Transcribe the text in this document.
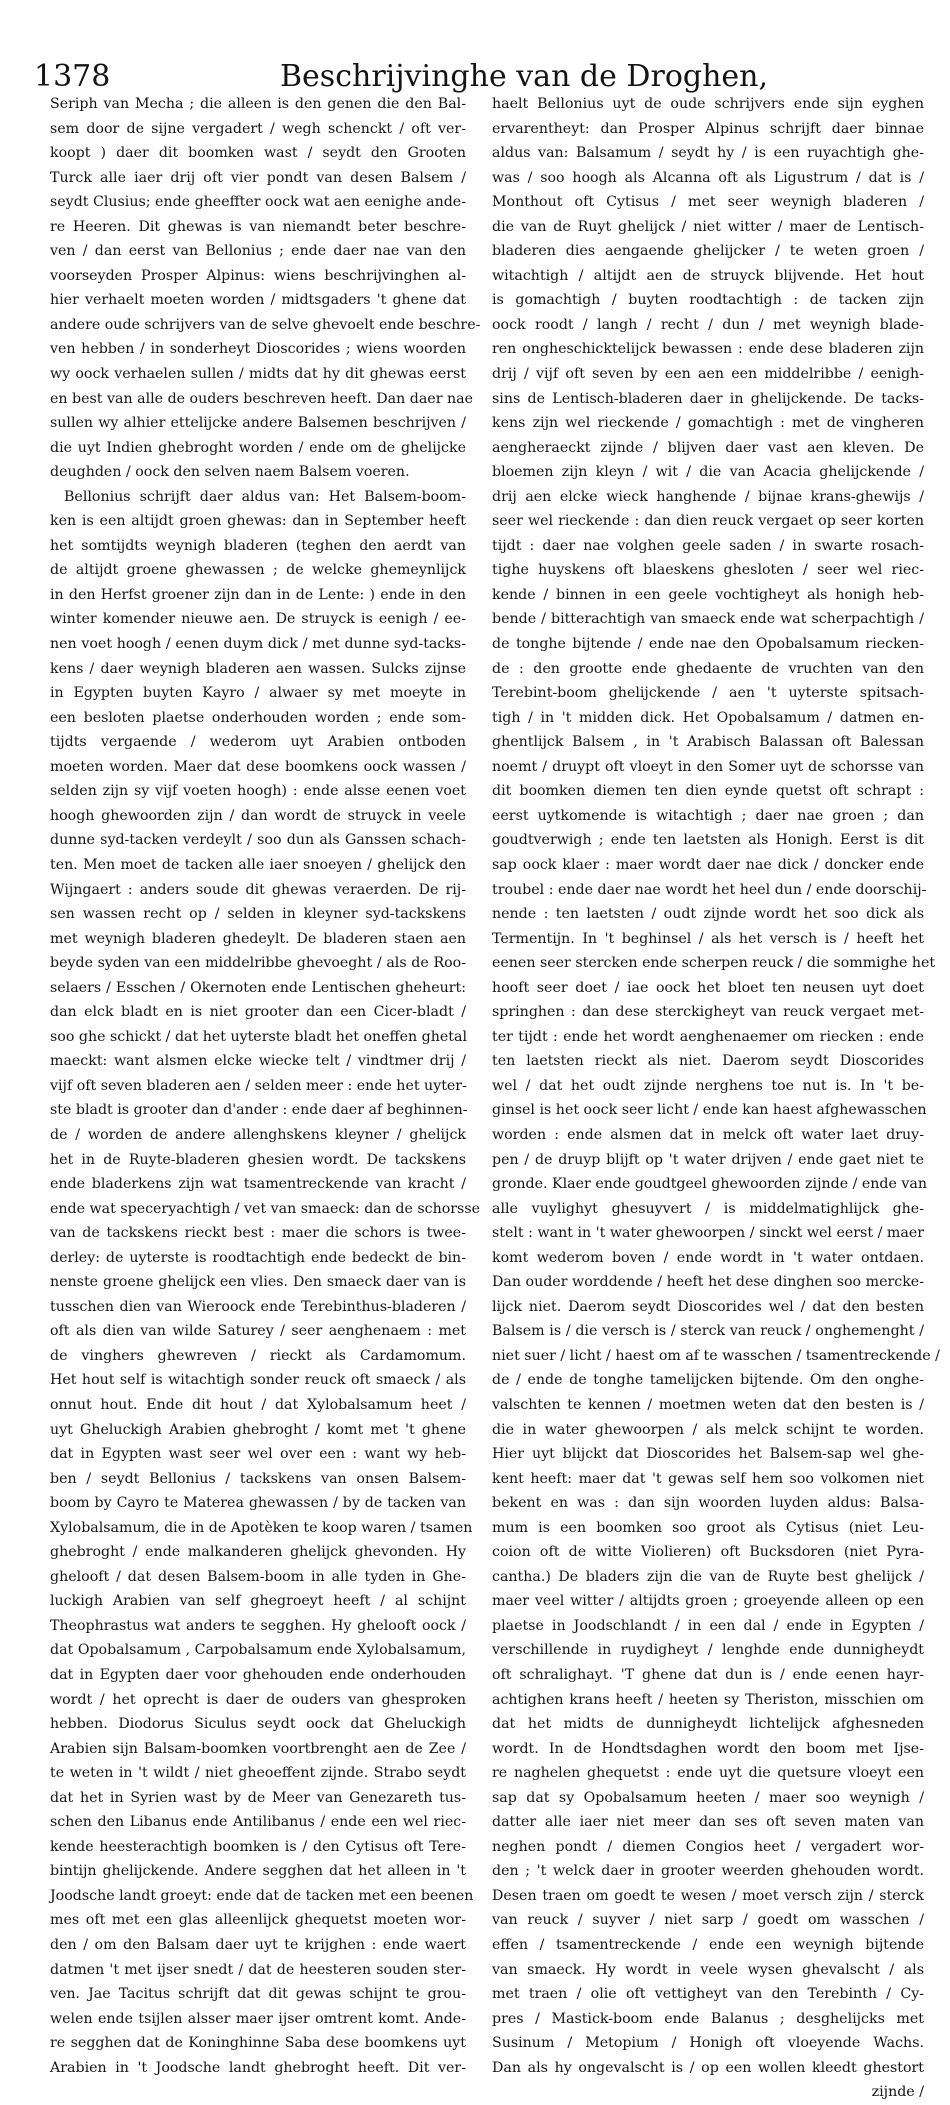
1378	Beschrijvinghe van de Droghen,
Seriph van Mecha ; die alleen is den genen die den Bal-
sem door de sijne vergadert / wegh schenckt / oft ver-
koopt ) daer dit boomken wast / seydt den Grooten
Turck alle iaer drij oft vier pondt van desen Balsem /
seydt Clusius; ende gheeffter oock wat aen eenighe ande-
re Heeren. Dit ghewas is van niemandt beter beschre-
ven / dan eerst van Bellonius ; ende daer nae van den
voorseyden Prosper Alpinus: wiens beschrijvinghen al-
hier verhaelt moeten worden / midtsgaders 't ghene dat
andere oude schrijvers van de selve ghevoelt ende beschre-
ven hebben / in sonderheyt Dioscorides ; wiens woorden
wy oock verhaelen sullen / midts dat hy dit ghewas eerst
en best van alle de ouders beschreven heeft. Dan daer nae
sullen wy alhier ettelijcke andere Balsemen beschrijven /
die uyt Indien ghebroght worden / ende om de ghelijcke
deughden / oock den selven naem Balsem voeren.
Bellonius schrijft daer aldus van: Het Balsem-boom-
ken is een altijdt groen ghewas: dan in September heeft
het somtijdts weynigh bladeren (teghen den aerdt van
de altijdt groene ghewassen ; de welcke ghemeynlijck
in den Herfst groener zijn dan in de Lente: ) ende in den
winter komender nieuwe aen. De struyck is eenigh / ee-
nen voet hoogh / eenen duym dick / met dunne syd-tacks-
kens / daer weynigh bladeren aen wassen. Sulcks zijnse
in Egypten buyten Kayro / alwaer sy met moeyte in
een besloten plaetse onderhouden worden ; ende som-
tijdts vergaende / wederom uyt Arabien ontboden
moeten worden. Maer dat dese boomkens oock wassen /
selden zijn sy vijf voeten hoogh) : ende alsse eenen voet
hoogh ghewoorden zijn / dan wordt de struyck in veele
dunne syd-tacken verdeylt / soo dun als Ganssen schach-
ten. Men moet de tacken alle iaer snoeyen / ghelijck den
Wijngaert : anders soude dit ghewas veraerden. De rij-
sen wassen recht op / selden in kleyner syd-tackskens
met weynigh bladeren ghedeylt. De bladeren staen aen
beyde syden van een middelribbe ghevoeght / als de Roo-
selaers / Esschen / Okernoten ende Lentischen gheheurt:
dan elck bladt en is niet grooter dan een Cicer-bladt /
soo ghe schickt / dat het uyterste bladt het oneffen ghetal
maeckt: want alsmen elcke wiecke telt / vindtmer drij /
vijf oft seven bladeren aen / selden meer : ende het uyter-
ste bladt is grooter dan d'ander : ende daer af beghinnen-
de / worden de andere allenghskens kleyner / ghelijck
het in de Ruyte-bladeren ghesien wordt. De tackskens
ende bladerkens zijn wat tsamentreckende van kracht /
ende wat speceryachtigh / vet van smaeck: dan de schorsse
van de tackskens rieckt best : maer die schors is twee-
derley: de uyterste is roodtachtigh ende bedeckt de bin-
nenste groene ghelijck een vlies. Den smaeck daer van is
tusschen dien van Wieroock ende Terebinthus-bladeren /
oft als dien van wilde Saturey / seer aenghenaem : met
de vinghers ghewreven / rieckt als Cardamomum.
Het hout self is witachtigh sonder reuck oft smaeck / als
onnut hout. Ende dit hout / dat Xylobalsamum heet /
uyt Gheluckigh Arabien ghebroght / komt met 't ghene
dat in Egypten wast seer wel over een : want wy heb-
ben / seydt Bellonius / tackskens van onsen Balsem-
boom by Cayro te Materea ghewassen / by de tacken van
Xylobalsamum, die in de Apotèken te koop waren / tsamen
ghebroght / ende malkanderen ghelijck ghevonden. Hy
ghelooft / dat desen Balsem-boom in alle tyden in Ghe-
luckigh Arabien van self ghegroeyt heeft / al schijnt
Theophrastus wat anders te segghen. Hy ghelooft oock /
dat Opobalsamum , Carpobalsamum ende Xylobalsamum,
dat in Egypten daer voor ghehouden ende onderhouden
wordt / het oprecht is daer de ouders van ghesproken
hebben. Diodorus Siculus seydt oock dat Gheluckigh
Arabien sijn Balsam-boomken voortbrenght aen de Zee /
te weten in 't wildt / niet gheoeffent zijnde. Strabo seydt
dat het in Syrien wast by de Meer van Genezareth tus-
schen den Libanus ende Antilibanus / ende een wel riec-
kende heesterachtigh boomken is / den Cytisus oft Tere-
bintijn ghelijckende. Andere segghen dat het alleen in 't
Joodsche landt groeyt: ende dat de tacken met een beenen
mes oft met een glas alleenlijck ghequetst moeten wor-
den / om den Balsam daer uyt te krijghen : ende waert
datmen 't met ijser snedt / dat de heesteren souden ster-
ven. Jae Tacitus schrijft dat dit gewas schijnt te grou-
welen ende tsijlen alsser maer ijser omtrent komt. Ande-
re segghen dat de Koninghinne Saba dese boomkens uyt
Arabien in 't Joodsche landt ghebroght heeft. Dit ver-
haelt Bellonius uyt de oude schrijvers ende sijn eyghen
ervarentheyt: dan Prosper Alpinus schrijft daer binnae
aldus van: Balsamum / seydt hy / is een ruyachtigh ghe-
was / soo hoogh als Alcanna oft als Ligustrum / dat is /
Monthout oft Cytisus / met seer weynigh bladeren /
die van de Ruyt ghelijck / niet witter / maer de Lentisch-
bladeren dies aengaende ghelijcker / te weten groen /
witachtigh / altijdt aen de struyck blijvende. Het hout
is gomachtigh / buyten roodtachtigh : de tacken zijn
oock roodt / langh / recht / dun / met weynigh blade-
ren ongheschicktelijck bewassen : ende dese bladeren zijn
drij / vijf oft seven by een aen een middelribbe / eenigh-
sins de Lentisch-bladeren daer in ghelijckende. De tacks-
kens zijn wel rieckende / gomachtigh : met de vingheren
aengheraeckt zijnde / blijven daer vast aen kleven. De
bloemen zijn kleyn / wit / die van Acacia ghelijckende /
drij aen elcke wieck hanghende / bijnae krans-ghewijs /
seer wel rieckende : dan dien reuck vergaet op seer korten
tijdt : daer nae volghen geele saden / in swarte rosach-
tighe huyskens oft blaeskens ghesloten / seer wel riec-
kende / binnen in een geele vochtigheyt als honigh heb-
bende / bitterachtigh van smaeck ende wat scherpachtigh /
de tonghe bijtende / ende nae den Opobalsamum riecken-
de : den grootte ende ghedaente de vruchten van den
Terebint-boom ghelijckende / aen 't uyterste spitsach-
tigh / in 't midden dick. Het Opobalsamum / datmen en-
ghentlijck Balsem , in 't Arabisch Balassan oft Balessan
noemt / druypt oft vloeyt in den Somer uyt de schorsse van
dit boomken diemen ten dien eynde quetst oft schrapt :
eerst uytkomende is witachtigh ; daer nae groen ; dan
goudtverwigh ; ende ten laetsten als Honigh. Eerst is dit
sap oock klaer : maer wordt daer nae dick / doncker ende
troubel : ende daer nae wordt het heel dun / ende doorschij-
nende : ten laetsten / oudt zijnde wordt het soo dick als
Termentijn. In 't beghinsel / als het versch is / heeft het
eenen seer stercken ende scherpen reuck / die sommighe het
hooft seer doet / iae oock het bloet ten neusen uyt doet
springhen : dan dese sterckigheyt van reuck vergaet met-
ter tijdt : ende het wordt aenghenaemer om riecken : ende
ten laetsten rieckt als niet. Daerom seydt Dioscorides
wel / dat het oudt zijnde nerghens toe nut is. In 't be-
ginsel is het oock seer licht / ende kan haest afghewasschen
worden : ende alsmen dat in melck oft water laet druy-
pen / de druyp blijft op 't water drijven / ende gaet niet te
gronde. Klaer ende goudtgeel ghewoorden zijnde / ende van
alle vuylighyt ghesuyvert / is middelmatighlijck ghe-
stelt : want in 't water ghewoorpen / sinckt wel eerst / maer
komt wederom boven / ende wordt in 't water ontdaen.
Dan ouder worddende / heeft het dese dinghen soo mercke-
lijck niet. Daerom seydt Dioscorides wel / dat den besten
Balsem is / die versch is / sterck van reuck / onghemenght /
niet suer / licht / haest om af te wasschen / tsamentreckende /
de / ende de tonghe tamelijcken bijtende. Om den onghe-
valschten te kennen / moetmen weten dat den besten is /
die in water ghewoorpen / als melck schijnt te worden.
Hier uyt blijckt dat Dioscorides het Balsem-sap wel ghe-
kent heeft: maer dat 't gewas self hem soo volkomen niet
bekent en was : dan sijn woorden luyden aldus: Balsa-
mum is een boomken soo groot als Cytisus (niet Leu-
coion oft de witte Violieren) oft Bucksdoren (niet Pyra-
cantha.) De bladers zijn die van de Ruyte best ghelijck /
maer veel witter / altijdts groen ; groeyende alleen op een
plaetse in Joodschlandt / in een dal / ende in Egypten /
verschillende in ruydigheyt / lenghde ende dunnigheydt
oft schralighayt. 'T ghene dat dun is / ende eenen hayr-
achtighen krans heeft / heeten sy Theriston, misschien om
dat het midts de dunnigheydt lichtelijck afghesneden
wordt. In de Hondtsdaghen wordt den boom met Ijse-
re naghelen ghequetst : ende uyt die quetsure vloeyt een
sap dat sy Opobalsamum heeten / maer soo weynigh /
datter alle iaer niet meer dan ses oft seven maten van
neghen pondt / diemen Congios heet / vergadert wor-
den ; 't welck daer in grooter weerden ghehouden wordt.
Desen traen om goedt te wesen / moet versch zijn / sterck
van reuck / suyver / niet sarp / goedt om wasschen /
effen / tsamentreckende / ende een weynigh bijtende
van smaeck. Hy wordt in veele wysen ghevalscht / als
met traen / olie oft vettigheyt van den Terebinth / Cy-
pres / Mastick-boom ende Balanus ; desghelijcks met
Susinum / Metopium / Honigh oft vloeyende Wachs.
Dan als hy ongevalscht is / op een wollen kleedt ghestort
zijnde /
